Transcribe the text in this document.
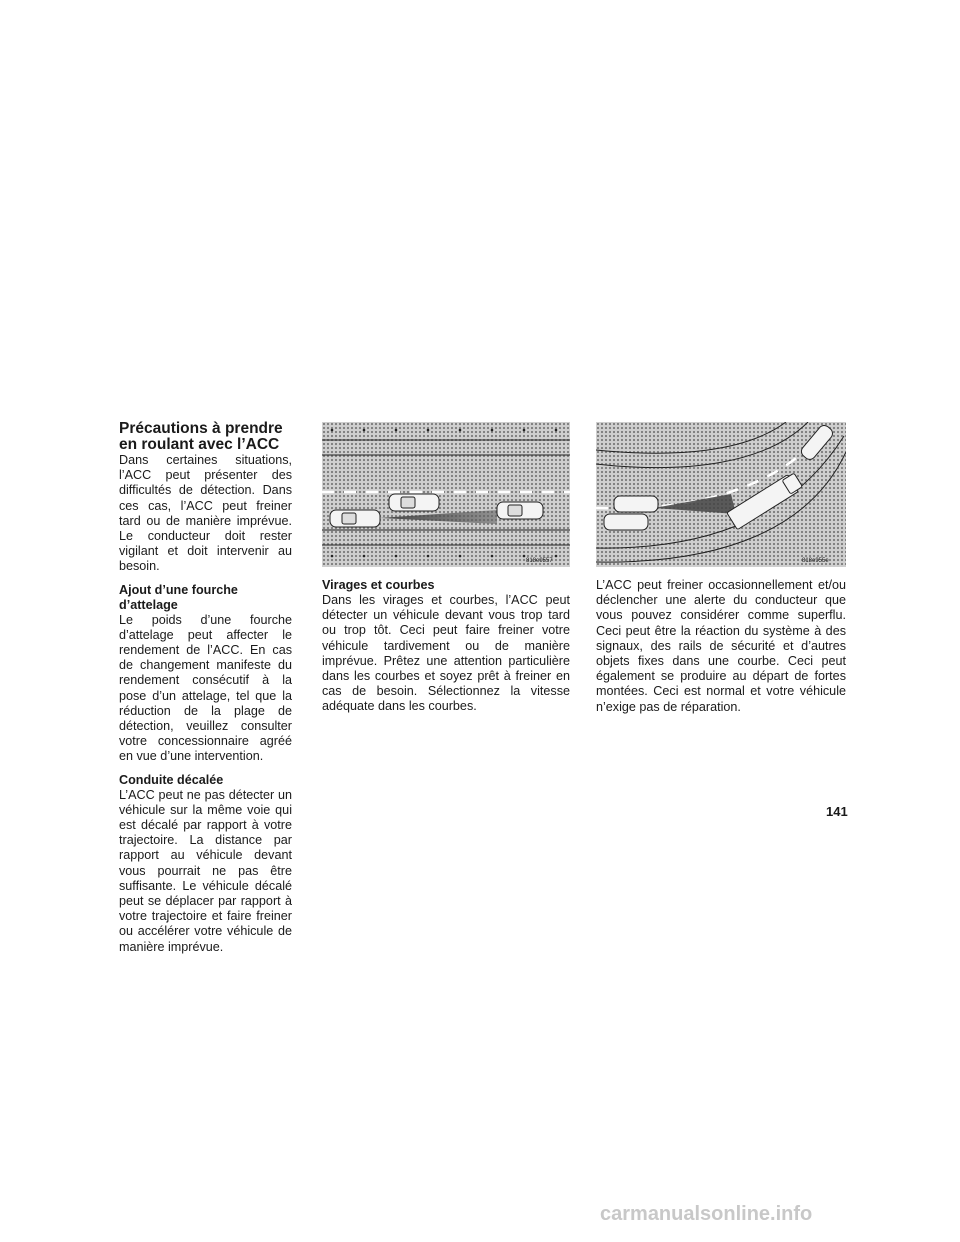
Précautions à prendre en roulant avec l’ACC

Dans certaines situations, l’ACC peut présenter des difficultés de détection. Dans ces cas, l’ACC peut freiner tard ou de manière imprévue. Le conducteur doit rester vigilant et doit intervenir au besoin.

Ajout d’une fourche d’attelage

Le poids d’une fourche d’attelage peut affecter le rendement de l’ACC. En cas de changement manifeste du rendement consécutif à la pose d’un attelage, tel que la réduction de la plage de détection, veuillez consulter votre concessionnaire agréé en vue d’une intervention.

Conduite décalée

L’ACC peut ne pas détecter un véhicule sur la même voie qui est décalé par rapport à votre trajectoire. La distance par rapport au véhicule devant vous pourrait ne pas être suffisante. Le véhicule décalé peut se déplacer par rapport à votre trajectoire et faire freiner ou accélérer votre véhicule de manière imprévue.

818e9557	818e955e
Virages et courbes

Dans les virages et courbes, l’ACC peut détecter un véhicule devant vous trop tard ou trop tôt. Ceci peut faire freiner votre véhicule tardivement ou de manière imprévue. Prêtez une attention particulière dans les courbes et soyez prêt à freiner en cas de besoin. Sélectionnez la vitesse adéquate dans les courbes.

L’ACC peut freiner occasionnellement et/ou déclencher une alerte du conducteur que vous pouvez considérer comme superflu. Ceci peut être la réaction du système à des signaux, des rails de sécurité et d’autres objets fixes dans une courbe. Ceci peut également se produire au départ de fortes montées. Ceci est normal et votre véhicule n’exige pas de réparation.

141
carmanualsonline.info
